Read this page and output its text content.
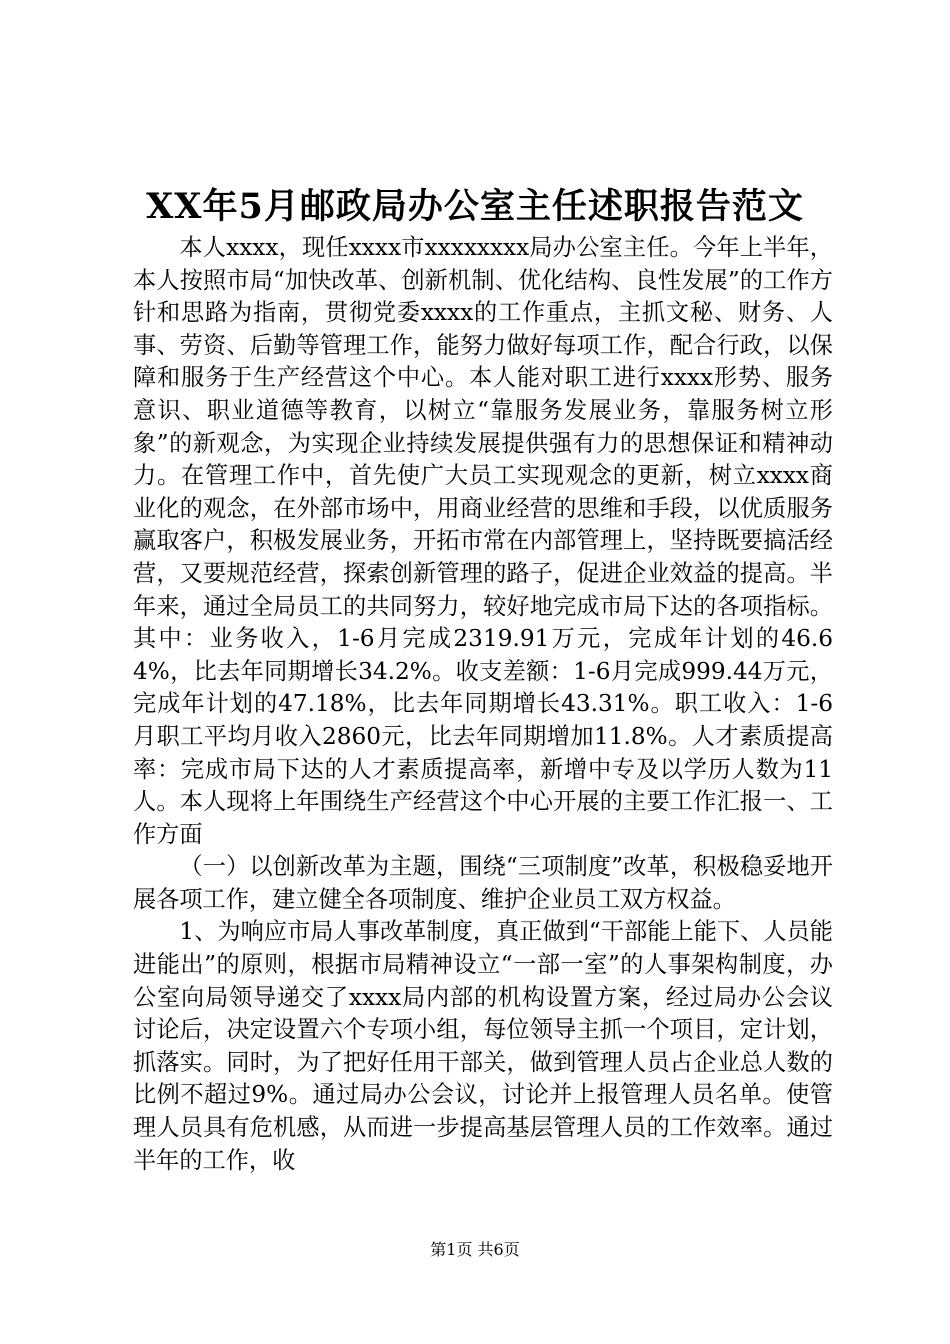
XX年5月邮政局办公室主任述职报告范文

本人xxxx，现任xxxx市xxxxxxxx局办公室主任。今年上半年，本人按照市局“加快改革、创新机制、优化结构、良性发展”的工作方针和思路为指南，贯彻党委xxxx的工作重点，主抓文秘、财务、人事、劳资、后勤等管理工作，能努力做好每项工作，配合行政，以保障和服务于生产经营这个中心。本人能对职工进行xxxx形势、服务意识、职业道德等教育，以树立“靠服务发展业务，靠服务树立形象”的新观念，为实现企业持续发展提供强有力的思想保证和精神动力。在管理工作中，首先使广大员工实现观念的更新，树立xxxx商业化的观念，在外部市场中，用商业经营的思维和手段，以优质服务赢取客户，积极发展业务，开拓市常在内部管理上，坚持既要搞活经营，又要规范经营，探索创新管理的路子，促进企业效益的提高。半年来，通过全局员工的共同努力，较好地完成市局下达的各项指标。其中：业务收入，1-6月完成2319.91万元，完成年计划的46.64%，比去年同期增长34.2%。收支差额：1-6月完成999.44万元，完成年计划的47.18%，比去年同期增长43.31%。职工收入：1-6月职工平均月收入2860元，比去年同期增加11.8%。人才素质提高率：完成市局下达的人才素质提高率，新增中专及以学历人数为11人。本人现将上年围绕生产经营这个中心开展的主要工作汇报一、工作方面

（一）以创新改革为主题，围绕“三项制度”改革，积极稳妥地开展各项工作，建立健全各项制度、维护企业员工双方权益。

1、为响应市局人事改革制度，真正做到“干部能上能下、人员能进能出”的原则，根据市局精神设立“一部一室”的人事架构制度，办公室向局领导递交了xxxx局内部的机构设置方案，经过局办公会议讨论后，决定设置六个专项小组，每位领导主抓一个项目，定计划，抓落实。同时，为了把好任用干部关，做到管理人员占企业总人数的比例不超过9%。通过局办公会议，讨论并上报管理人员名单。使管理人员具有危机感，从而进一步提高基层管理人员的工作效率。通过半年的工作，收

第1页 共6页
